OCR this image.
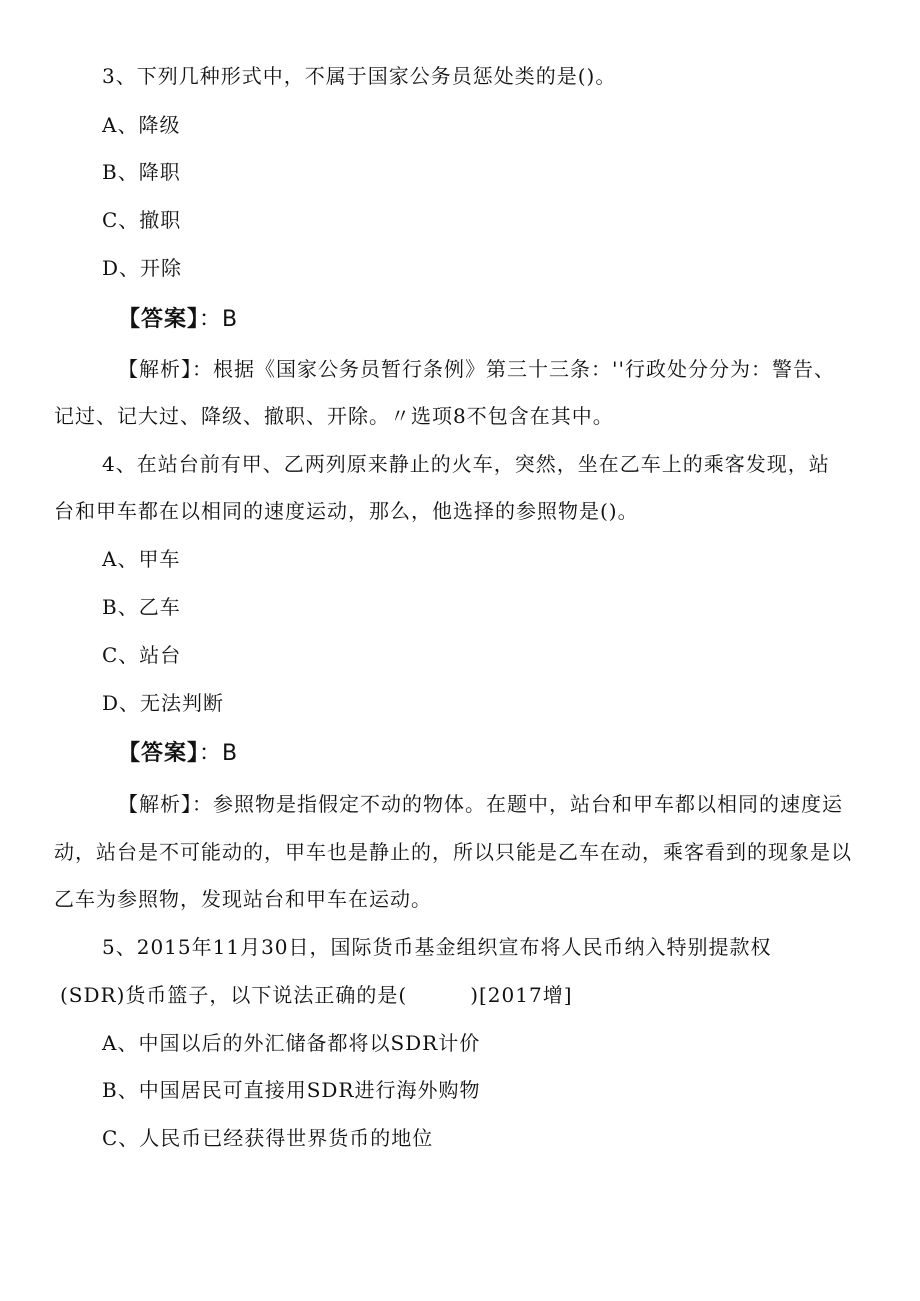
3、下列几种形式中，不属于国家公务员惩处类的是()。
A、降级
B、降职
C、撤职
D、开除
【答案】：B
【解析】：根据《国家公务员暂行条例》第三十三条：''行政处分分为：警告、
记过、记大过、降级、撤职、开除。〃选项8不包含在其中。
4、在站台前有甲、乙两列原来静止的火车，突然，坐在乙车上的乘客发现，站
台和甲车都在以相同的速度运动，那么，他选择的参照物是()。
A、甲车
B、乙车
C、站台
D、无法判断
【答案】：B
【解析】：参照物是指假定不动的物体。在题中，站台和甲车都以相同的速度运
动，站台是不可能动的，甲车也是静止的，所以只能是乙车在动，乘客看到的现象是以
乙车为参照物，发现站台和甲车在运动。
5、2015年11月30日，国际货币基金组织宣布将人民币纳入特别提款权
(SDR)货币篮子，以下说法正确的是(　　　)[2017增]
A、中国以后的外汇储备都将以SDR计价
B、中国居民可直接用SDR进行海外购物
C、人民币已经获得世界货币的地位
